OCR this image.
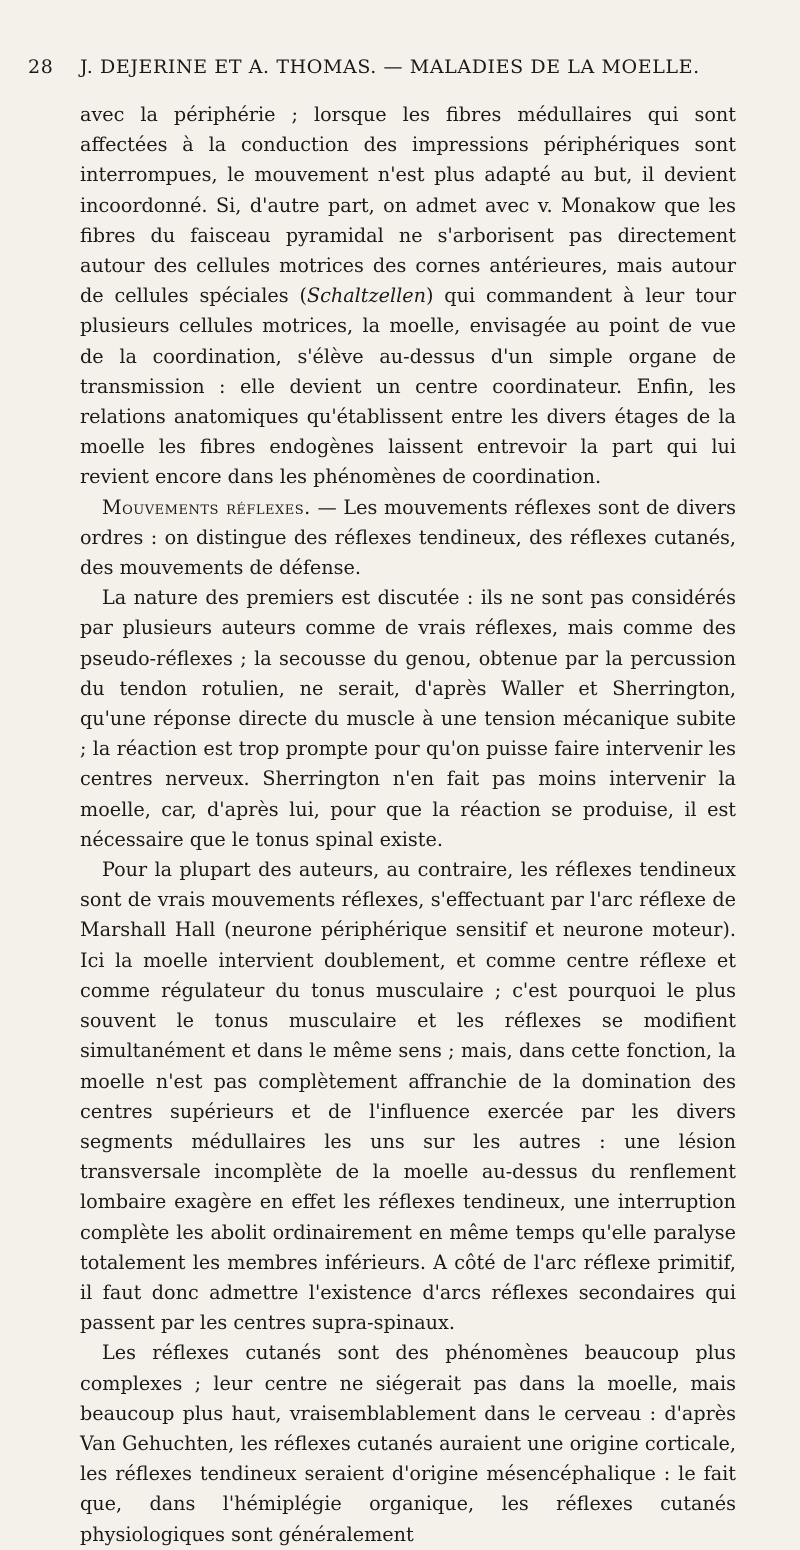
28	J. DEJERINE ET A. THOMAS. — MALADIES DE LA MOELLE.

avec la périphérie ; lorsque les fibres médullaires qui sont affectées à la conduction des impressions périphériques sont interrompues, le mouvement n'est plus adapté au but, il devient incoordonné. Si, d'autre part, on admet avec v. Monakow que les fibres du faisceau pyramidal ne s'arborisent pas directement autour des cellules motrices des cornes antérieures, mais autour de cellules spéciales (Schaltzellen) qui commandent à leur tour plusieurs cellules motrices, la moelle, envisagée au point de vue de la coordination, s'élève au-dessus d'un simple organe de transmission : elle devient un centre coordinateur. Enfin, les relations anatomiques qu'établissent entre les divers étages de la moelle les fibres endogènes laissent entrevoir la part qui lui revient encore dans les phénomènes de coordination.

Mouvements réflexes. — Les mouvements réflexes sont de divers ordres : on distingue des réflexes tendineux, des réflexes cutanés, des mouvements de défense.

La nature des premiers est discutée : ils ne sont pas considérés par plusieurs auteurs comme de vrais réflexes, mais comme des pseudo-réflexes ; la secousse du genou, obtenue par la percussion du tendon rotulien, ne serait, d'après Waller et Sherrington, qu'une réponse directe du muscle à une tension mécanique subite ; la réaction est trop prompte pour qu'on puisse faire intervenir les centres nerveux. Sherrington n'en fait pas moins intervenir la moelle, car, d'après lui, pour que la réaction se produise, il est nécessaire que le tonus spinal existe.

Pour la plupart des auteurs, au contraire, les réflexes tendineux sont de vrais mouvements réflexes, s'effectuant par l'arc réflexe de Marshall Hall (neurone périphérique sensitif et neurone moteur). Ici la moelle intervient doublement, et comme centre réflexe et comme régulateur du tonus musculaire ; c'est pourquoi le plus souvent le tonus musculaire et les réflexes se modifient simultanément et dans le même sens ; mais, dans cette fonction, la moelle n'est pas complètement affranchie de la domination des centres supérieurs et de l'influence exercée par les divers segments médullaires les uns sur les autres : une lésion transversale incomplète de la moelle au-dessus du renflement lombaire exagère en effet les réflexes tendineux, une interruption complète les abolit ordinairement en même temps qu'elle paralyse totalement les membres inférieurs. A côté de l'arc réflexe primitif, il faut donc admettre l'existence d'arcs réflexes secondaires qui passent par les centres supra-spinaux.

Les réflexes cutanés sont des phénomènes beaucoup plus complexes ; leur centre ne siégerait pas dans la moelle, mais beaucoup plus haut, vraisemblablement dans le cerveau : d'après Van Gehuchten, les réflexes cutanés auraient une origine corticale, les réflexes tendineux seraient d'origine mésencéphalique : le fait que, dans l'hémiplégie organique, les réflexes cutanés physiologiques sont généralement
